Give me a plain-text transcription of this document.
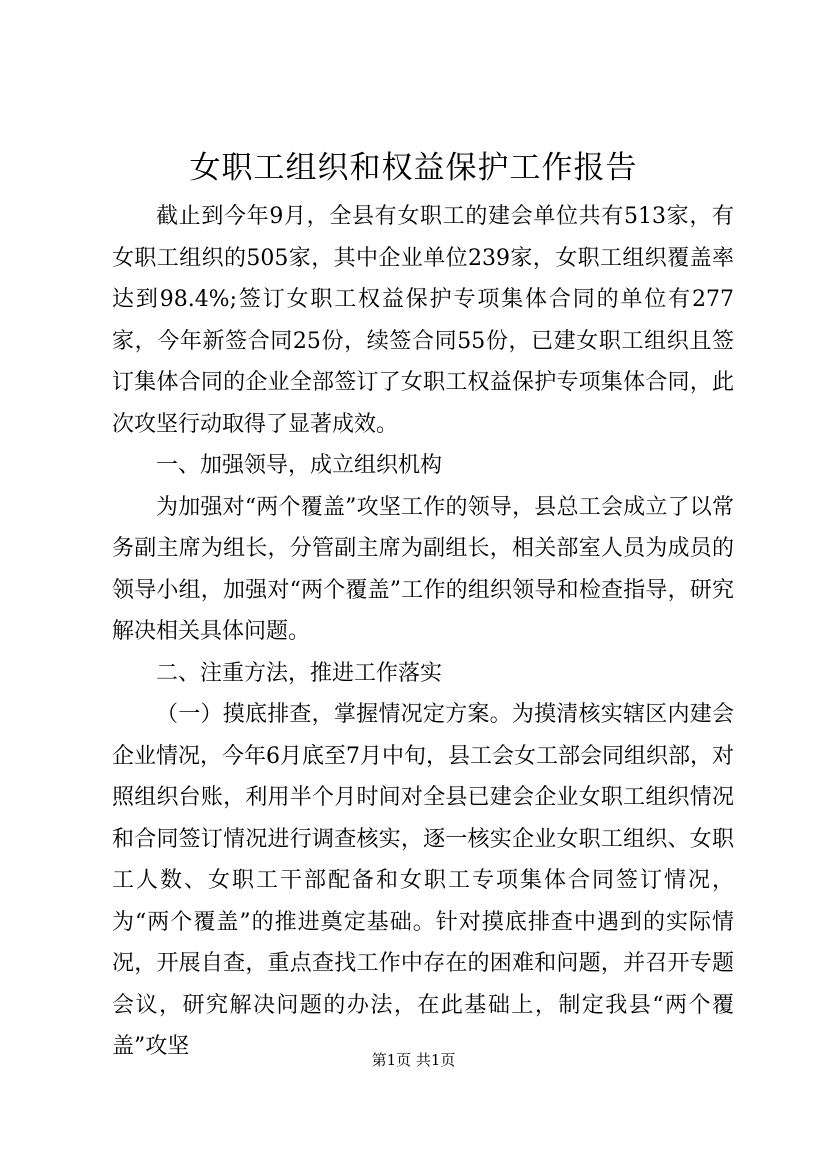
女职工组织和权益保护工作报告

截止到今年9月，全县有女职工的建会单位共有513家，有女职工组织的505家，其中企业单位239家，女职工组织覆盖率达到98.4%;签订女职工权益保护专项集体合同的单位有277家，今年新签合同25份，续签合同55份，已建女职工组织且签订集体合同的企业全部签订了女职工权益保护专项集体合同，此次攻坚行动取得了显著成效。

一、加强领导，成立组织机构

为加强对“两个覆盖”攻坚工作的领导，县总工会成立了以常务副主席为组长，分管副主席为副组长，相关部室人员为成员的领导小组，加强对“两个覆盖”工作的组织领导和检查指导，研究解决相关具体问题。

二、注重方法，推进工作落实

（一）摸底排查，掌握情况定方案。为摸清核实辖区内建会企业情况，今年6月底至7月中旬，县工会女工部会同组织部，对照组织台账，利用半个月时间对全县已建会企业女职工组织情况和合同签订情况进行调查核实，逐一核实企业女职工组织、女职工人数、女职工干部配备和女职工专项集体合同签订情况，为“两个覆盖”的推进奠定基础。针对摸底排查中遇到的实际情况，开展自查，重点查找工作中存在的困难和问题，并召开专题会议，研究解决问题的办法，在此基础上，制定我县“两个覆盖”攻坚

第1页 共1页
